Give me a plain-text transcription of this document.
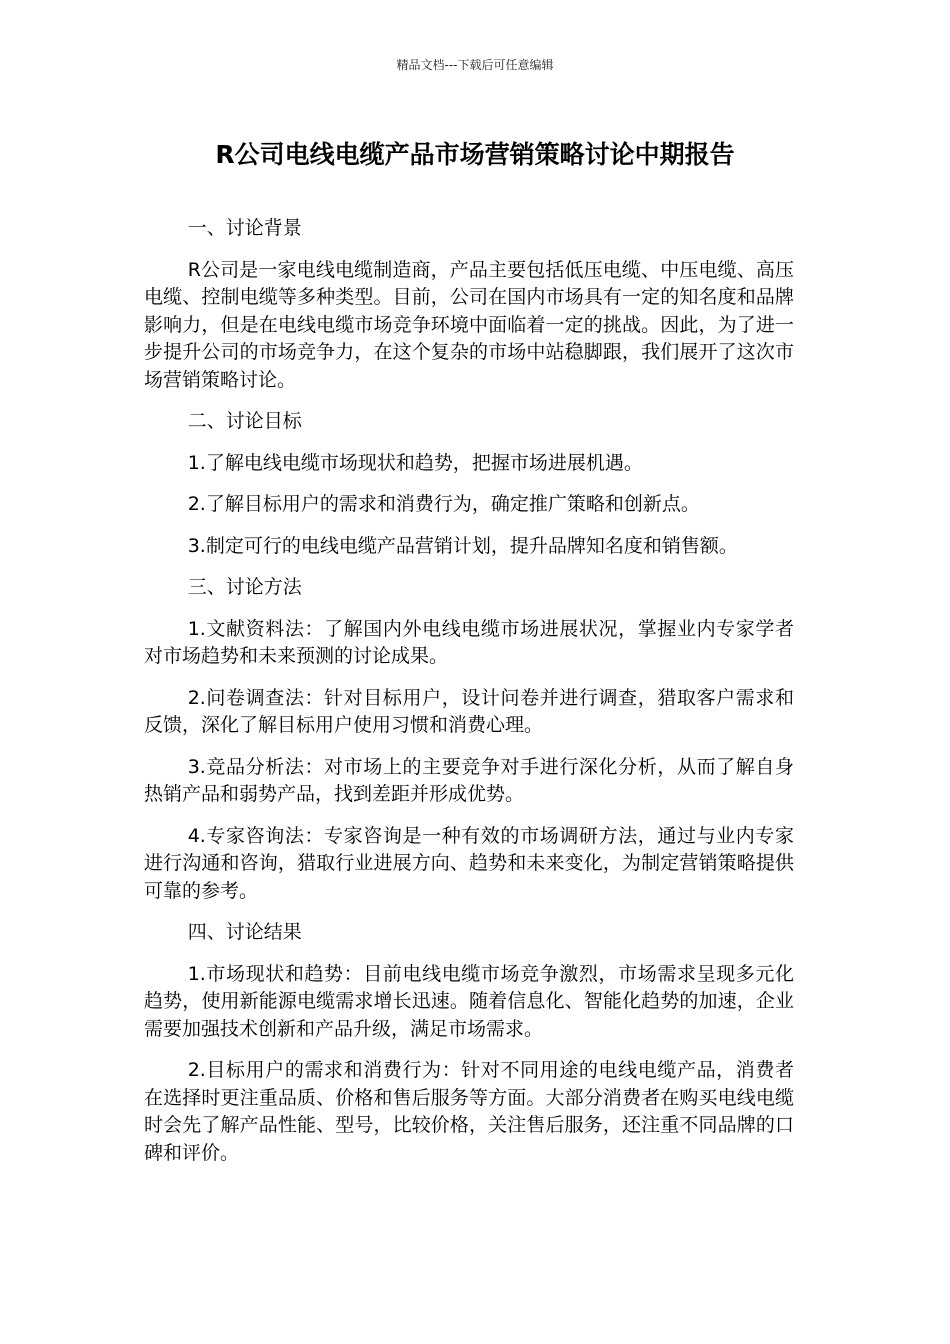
精品文档---下载后可任意编辑
R公司电线电缆产品市场营销策略讨论中期报告

一、讨论背景

R公司是一家电线电缆制造商，产品主要包括低压电缆、中压电缆、高压电缆、控制电缆等多种类型。目前，公司在国内市场具有一定的知名度和品牌影响力，但是在电线电缆市场竞争环境中面临着一定的挑战。因此，为了进一步提升公司的市场竞争力，在这个复杂的市场中站稳脚跟，我们展开了这次市场营销策略讨论。

二、讨论目标

1.了解电线电缆市场现状和趋势，把握市场进展机遇。

2.了解目标用户的需求和消费行为，确定推广策略和创新点。

3.制定可行的电线电缆产品营销计划，提升品牌知名度和销售额。

三、讨论方法

1.文献资料法：了解国内外电线电缆市场进展状况，掌握业内专家学者对市场趋势和未来预测的讨论成果。

2.问卷调查法：针对目标用户，设计问卷并进行调查，猎取客户需求和反馈，深化了解目标用户使用习惯和消费心理。

3.竞品分析法：对市场上的主要竞争对手进行深化分析，从而了解自身热销产品和弱势产品，找到差距并形成优势。

4.专家咨询法：专家咨询是一种有效的市场调研方法，通过与业内专家进行沟通和咨询，猎取行业进展方向、趋势和未来变化，为制定营销策略提供可靠的参考。

四、讨论结果

1.市场现状和趋势：目前电线电缆市场竞争激烈，市场需求呈现多元化趋势，使用新能源电缆需求增长迅速。随着信息化、智能化趋势的加速，企业需要加强技术创新和产品升级，满足市场需求。

2.目标用户的需求和消费行为：针对不同用途的电线电缆产品，消费者在选择时更注重品质、价格和售后服务等方面。大部分消费者在购买电线电缆时会先了解产品性能、型号，比较价格，关注售后服务，还注重不同品牌的口碑和评价。
